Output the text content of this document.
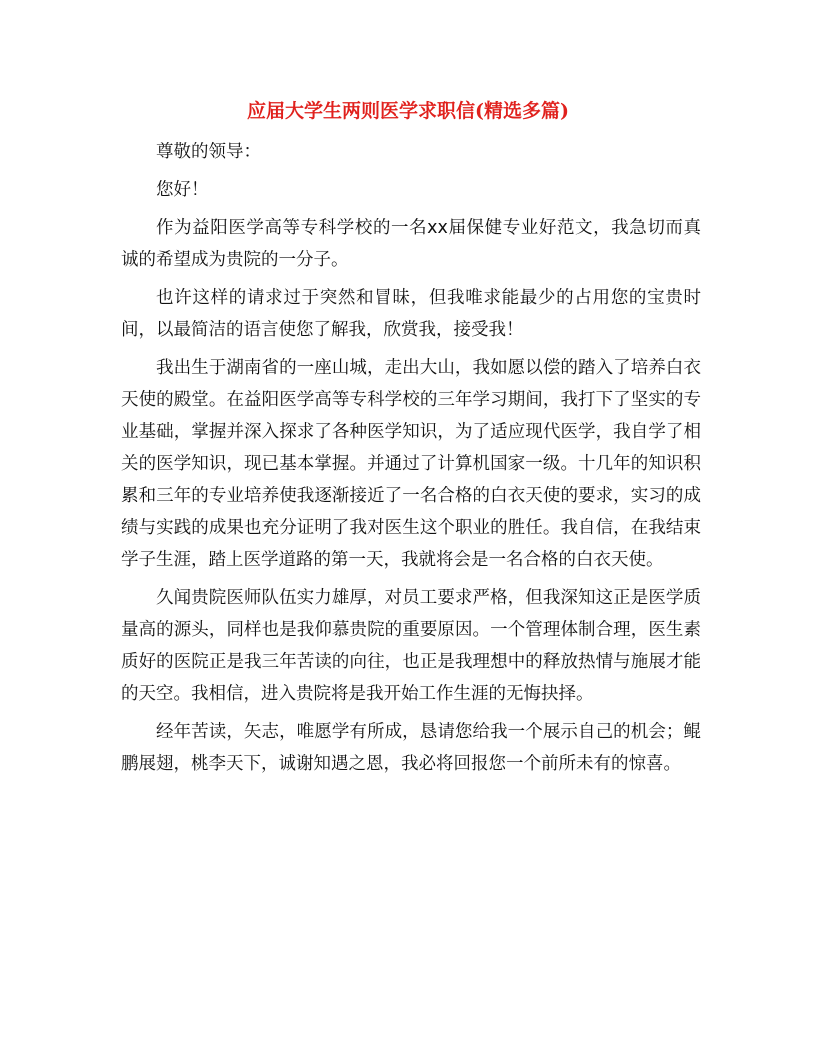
应届大学生两则医学求职信(精选多篇)

尊敬的领导：

您好！

作为益阳医学高等专科学校的一名xx届保健专业好范文，我急切而真诚的希望成为贵院的一分子。

也许这样的请求过于突然和冒昧，但我唯求能最少的占用您的宝贵时间，以最简洁的语言使您了解我，欣赏我，接受我！

我出生于湖南省的一座山城，走出大山，我如愿以偿的踏入了培养白衣天使的殿堂。在益阳医学高等专科学校的三年学习期间，我打下了坚实的专业基础，掌握并深入探求了各种医学知识，为了适应现代医学，我自学了相关的医学知识，现已基本掌握。并通过了计算机国家一级。十几年的知识积累和三年的专业培养使我逐渐接近了一名合格的白衣天使的要求，实习的成绩与实践的成果也充分证明了我对医生这个职业的胜任。我自信，在我结束学子生涯，踏上医学道路的第一天，我就将会是一名合格的白衣天使。

久闻贵院医师队伍实力雄厚，对员工要求严格，但我深知这正是医学质量高的源头，同样也是我仰慕贵院的重要原因。一个管理体制合理，医生素质好的医院正是我三年苦读的向往，也正是我理想中的释放热情与施展才能的天空。我相信，进入贵院将是我开始工作生涯的无悔抉择。

经年苦读，矢志，唯愿学有所成，恳请您给我一个展示自己的机会；鲲鹏展翅，桃李天下，诚谢知遇之恩，我必将回报您一个前所未有的惊喜。
